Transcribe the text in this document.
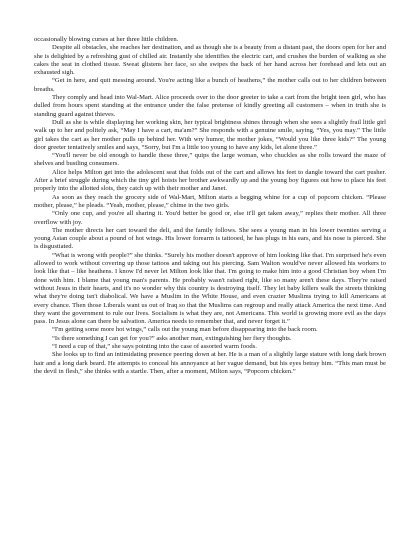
occasionally blowing curses at her three little children.

Despite all obstacles, she reaches her destination, and as though she is a beauty from a distant past, the doors open for her and she is delighted by a refreshing gust of chilled air. Instantly she identifies the electric cart, and crushes the burden of walking as she cakes the seat in clothed tissue. Sweat glistens her face, so she swipes the back of her hand across her forehead and lets out an exhausted sigh.

“Get in here, and quit messing around. You're acting like a bunch of heathens,” the mother calls out to her children between breaths.

They comply and head into Wal-Mart. Alice proceeds over to the door greeter to take a cart from the bright teen girl, who has dulled from hours spent standing at the entrance under the false pretense of kindly greeting all customers – when in truth she is standing guard against thieves.

Dull as she is while displaying her working skin, her typical brightness shines through when she sees a slightly frail little girl walk up to her and politely ask, “May I have a cart, ma'am?” She responds with a genuine smile, saying, “Yes, you may.” The little girl takes the cart as her mother pulls up behind her. With wry humor, the mother jokes, “Would you like three kids?” The young door greeter tentatively smiles and says, “Sorry, but I'm a little too young to have any kids, let alone three.”

“You'll never be old enough to handle these three,” quips the large woman, who chuckles as she rolls toward the maze of shelves and bustling consumers.

Alice helps Milton get into the adolescent seat that folds out of the cart and allows his feet to dangle toward the cart pusher. After a brief struggle during which the tiny girl hoists her brother awkwardly up and the young boy figures out how to place his feet properly into the allotted slots, they catch up with their mother and Janet.

As soon as they reach the grocery side of Wal-Mart, Milton starts a begging whine for a cup of popcorn chicken. “Please mother, please,” he pleads. “Yeah, mother, please,” chime in the two girls.

“Only one cup, and you're all sharing it. You'd better be good or, else it'll get taken away,” replies their mother. All three overflow with joy.

The mother directs her cart toward the deli, and the family follows. She sees a young man in his lower twenties serving a young Asian couple about a pound of hot wings. His lower forearm is tattooed, he has plugs in his ears, and his nose is pierced. She is disgustiated.

“What is wrong with people?” she thinks. “Surely his mother doesn't approve of him looking like that. I'm surprised he's even allowed to work without covering up those tattoos and taking out his piercing. Sam Walton would've never allowed his workers to look like that – like heathens. I know I'd never let Milton look like that. I'm going to make him into a good Christian boy when I'm done with him. I blame that young man's parents. He probably wasn't raised right, like so many aren't these days. They're raised without Jesus in their hearts, and it's no wonder why this country is destroying itself. They let baby killers walk the streets thinking what they're doing isn't diabolical. We have a Muslim in the White House, and even crazier Muslims trying to kill Americans at every chance. Then those Liberals want us out of Iraq so that the Muslims can regroup and really attack America the next time. And they want the government to rule our lives. Socialism is what they are, not Americans. This world is growing more evil as the days pass. In Jesus alone can there be salvation. America needs to remember that, and never forget it.”

“I'm getting some more hot wings,” calls out the young man before disappearing into the back room.

“Is there something I can get for you?” asks another man, extinguishing her fiery thoughts.

“I need a cup of that,” she says pointing into the case of assorted warm foods.

She looks up to find an intimidating presence peering down at her. He is a man of a slightly large stature with long dark brown hair and a long dark beard. He attempts to conceal his annoyance at her vague demand, but his eyes betray him. “This man must be the devil in flesh,” she thinks with a startle. Then, after a moment, Milton says, “Popcorn chicken.”
